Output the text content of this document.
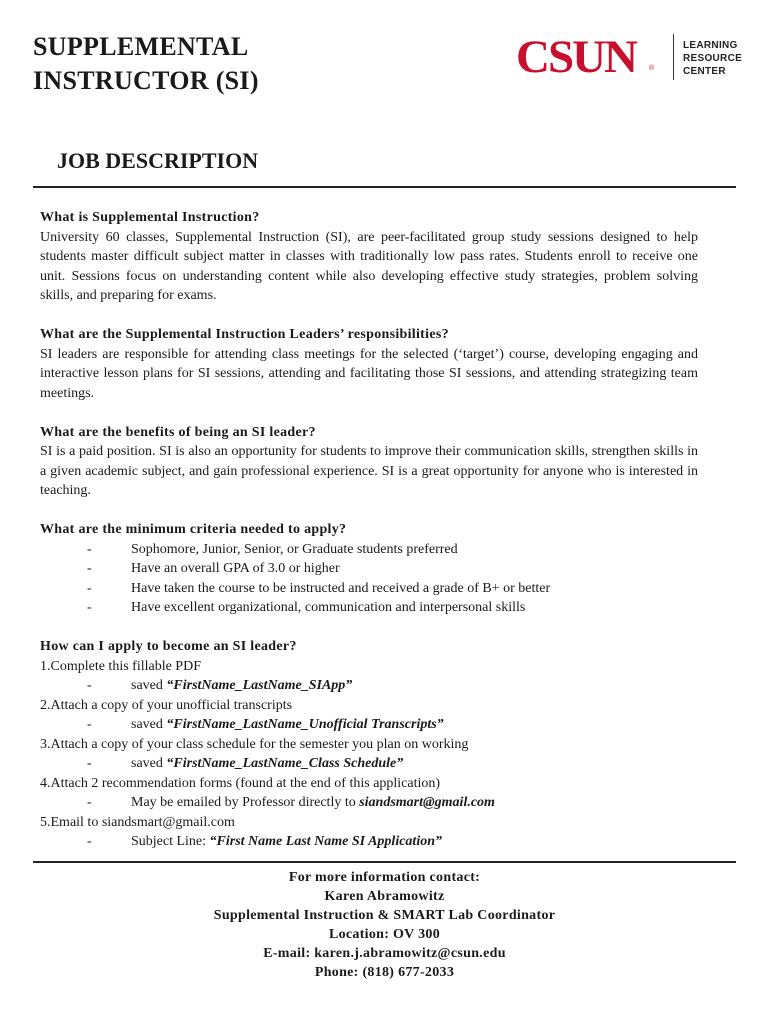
SUPPLEMENTAL
INSTRUCTOR (SI)	CSUN ®
LEARNING
RESOURCE
CENTER
JOB DESCRIPTION

What is Supplemental Instruction?

University 60 classes, Supplemental Instruction (SI), are peer-facilitated group study sessions designed to help students master difficult subject matter in classes with traditionally low pass rates. Students enroll to receive one unit. Sessions focus on understanding content while also developing effective study strategies, problem solving skills, and preparing for exams.

What are the Supplemental Instruction Leaders’ responsibilities?

SI leaders are responsible for attending class meetings for the selected (‘target’) course, developing engaging and interactive lesson plans for SI sessions, attending and facilitating those SI sessions, and attending strategizing team meetings.

What are the benefits of being an SI leader?

SI is a paid position. SI is also an opportunity for students to improve their communication skills, strengthen skills in a given academic subject, and gain professional experience. SI is a great opportunity for anyone who is interested in teaching.

What are the minimum criteria needed to apply?

-	Sophomore, Junior, Senior, or Graduate students preferred
-	Have an overall GPA of 3.0 or higher
-	Have taken the course to be instructed and received a grade of B+ or better
-	Have excellent organizational, communication and interpersonal skills

How can I apply to become an SI leader?

1.Complete this fillable PDF

-	saved “FirstName_LastName_SIApp”

2.Attach a copy of your unofficial transcripts

-	saved “FirstName_LastName_Unofficial Transcripts”

3.Attach a copy of your class schedule for the semester you plan on working

-	saved “FirstName_LastName_Class Schedule”

4.Attach 2 recommendation forms (found at the end of this application)

-	May be emailed by Professor directly to siandsmart@gmail.com

5.Email to siandsmart@gmail.com

-	Subject Line: “First Name Last Name SI Application”
For more information contact:
Karen Abramowitz
Supplemental Instruction & SMART Lab Coordinator
Location: OV 300
E-mail: karen.j.abramowitz@csun.edu
Phone: (818) 677-2033
